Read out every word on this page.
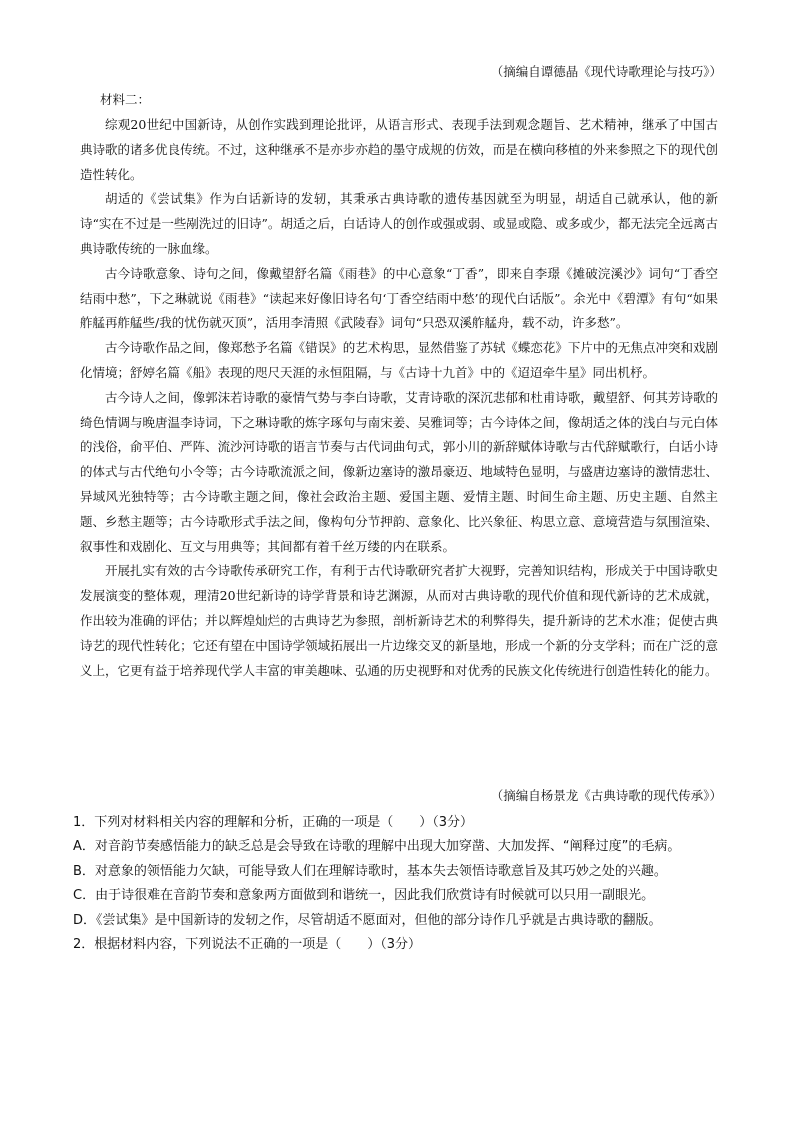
（摘编自谭德晶《现代诗歌理论与技巧》）
材料二：

综观20世纪中国新诗，从创作实践到理论批评，从语言形式、表现手法到观念题旨、艺术精神，继承了中国古典诗歌的诸多优良传统。不过，这种继承不是亦步亦趋的墨守成规的仿效，而是在横向移植的外来参照之下的现代创造性转化。

胡适的《尝试集》作为白话新诗的发轫，其秉承古典诗歌的遗传基因就至为明显，胡适自己就承认，他的新诗“实在不过是一些剐洗过的旧诗”。胡适之后，白话诗人的创作或强或弱、或显或隐、或多或少，都无法完全远离古典诗歌传统的一脉血缘。

古今诗歌意象、诗句之间，像戴望舒名篇《雨巷》的中心意象“丁香”，即来自李璟《摊破浣溪沙》词句“丁香空结雨中愁”，下之琳就说《雨巷》“读起来好像旧诗名句‘丁香空结雨中愁’的现代白话版”。余光中《碧潭》有句“如果舴艋再舴艋些/我的忧伤就灭顶”，活用李清照《武陵春》词句“只恐双溪舴艋舟，载不动，许多愁”。

古今诗歌作品之间，像郑愁予名篇《错误》的艺术构思，显然借鉴了苏轼《蝶恋花》下片中的无焦点冲突和戏剧化情境；舒婷名篇《船》表现的咫尺天涯的永恒阻隔，与《古诗十九首》中的《迢迢牵牛星》同出机杼。

古今诗人之间，像郭沫若诗歌的豪情气势与李白诗歌，艾青诗歌的深沉悲郁和杜甫诗歌，戴望舒、何其芳诗歌的绮色情调与晚唐温李诗词，下之琳诗歌的炼字琢句与南宋姜、吴雅词等；古今诗体之间，像胡适之体的浅白与元白体的浅俗，俞平伯、严阵、流沙河诗歌的语言节奏与古代词曲句式，郭小川的新辞赋体诗歌与古代辞赋歌行，白话小诗的体式与古代绝句小令等；古今诗歌流派之间，像新边塞诗的激昂豪迈、地域特色显明，与盛唐边塞诗的激情悲壮、异域风光独特等；古今诗歌主题之间，像社会政治主题、爱国主题、爱情主题、时间生命主题、历史主题、自然主题、乡愁主题等；古今诗歌形式手法之间，像构句分节押韵、意象化、比兴象征、构思立意、意境营造与氛围渲染、叙事性和戏剧化、互文与用典等；其间都有着千丝万缕的内在联系。

开展扎实有效的古今诗歌传承研究工作，有利于古代诗歌研究者扩大视野，完善知识结构，形成关于中国诗歌史发展演变的整体观，理清20世纪新诗的诗学背景和诗艺渊源，从而对古典诗歌的现代价值和现代新诗的艺术成就，作出较为准确的评估；并以辉煌灿烂的古典诗艺为参照，剖析新诗艺术的利弊得失，提升新诗的艺术水准；促使古典诗艺的现代性转化；它还有望在中国诗学领域拓展出一片边缘交叉的新垦地，形成一个新的分支学科；而在广泛的意义上，它更有益于培养现代学人丰富的审美趣味、弘通的历史视野和对优秀的民族文化传统进行创造性转化的能力。

（摘编自杨景龙《古典诗歌的现代传承》）
1．下列对材料相关内容的理解和分析，正确的一项是（　　）（3分）
A．对音韵节奏感悟能力的缺乏总是会导致在诗歌的理解中出现大加穿凿、大加发挥、“阐释过度”的毛病。
B．对意象的领悟能力欠缺，可能导致人们在理解诗歌时，基本失去领悟诗歌意旨及其巧妙之处的兴趣。
C．由于诗很难在音韵节奏和意象两方面做到和谐统一，因此我们欣赏诗有时候就可以只用一副眼光。
D．《尝试集》是中国新诗的发轫之作，尽管胡适不愿面对，但他的部分诗作几乎就是古典诗歌的翻版。
2．根据材料内容，下列说法不正确的一项是（　　）（3分）
